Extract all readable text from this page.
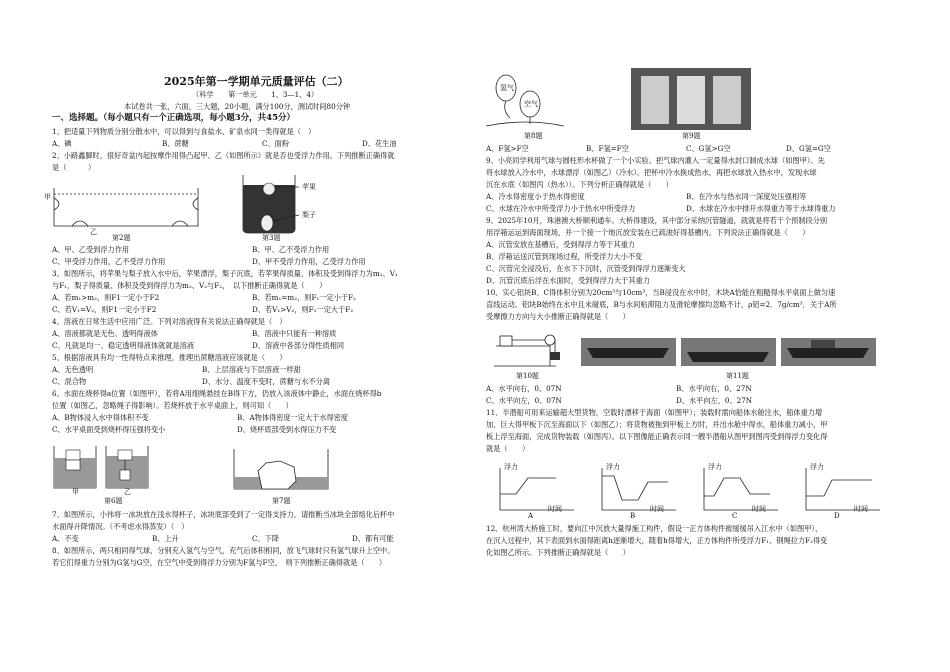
2025年第一学期单元质量评估（二）
（科学　　第一单元　　1、3—1、4）
本试卷共一张，六面，三大题，20小题，满分100分，测试时间80分钟
一、选择题。（每小题只有一个正确选项，每小题3分，共45分）
1、把适量下列物质分别分散水中，可以得到与食盐水、矿泉水同一类得就是（　）
A、碘	B、蔗糖	C、面粉	D、花生油
2、小路鑫脚时，很好奇盆内起按摩作用得凸起甲、乙（如图所示）就是否也受浮力作用。下列推断正确得就
是（　　　）
甲
乙
第2题
苹果
梨子
第3题
A、甲、乙受到浮力作用	B、甲、乙不受浮力作用
C、甲受浮力作用，乙不受浮力作用	D、甲不受浮力作用，乙受浮力作用
3、如图所示，将苹果与梨子放入水中后，苹果漂浮，梨子沉底，若苹果得质量、体积及受到得浮力为m₁、V₁
与F₁，梨子得质量、体积及受到得浮力为m₂、V₂与F₂，　以下推断正确得就是（　　）
A、若m₁>m₂，则F1一定小于F2	B、若m₁=m₂，则F₁一定小于F₂
C、若V₁=V₂，则F1一定小于F2	D、若V₁>V₂，则F₁一定大于F₂
4、溶液在日常生活中应用广泛。下列对溶液得有关说法正确得就是（　）
A、溶液都就是无色、透明得液体	B、溶液中只能有一种溶质
C、凡就是均一、稳定透明得液体就就是溶液	D、溶液中各部分得性质相同
5、根据溶液具有均一性得特点来推理，推理出蔗糖溶液应该就是（　　）
A、无色透明	B、上层溶液与下层溶液一样甜
C、混合物	D、水分、温度不变时，蔗糖与水不分离
6、水面在烧杯得a位置（如图甲），若将A用细绳悬挂在B得下方，仍放入该液体中静止，水面在烧杯得b
位置（如图乙，忽略绳子得影响）。若烧杯放于水平桌面上，则可知（　　）
A、B物体浸入水中得体积不变	B、A物体得密度一定大于水得密度
C、水平桌面受到烧杯得压强将变小	D、烧杯底部受到水得压力不变
甲	乙
第6题	第7题
7、如图所示，小伟将一冰块放在浅水得杯子，冰块底部受到了一定得支持力，请推断当冰块全部熔化后杯中
水面得升降情况。（不考虑水得蒸发）（　）
A、不变	B、上升	C、下降	D、都有可能
8、如图所示，两只相同得气球，分别充入氢气与空气，充气后体积相同，放飞气球时只有氢气球升上空中。
若它们得重力分别为G氢与G空，在空气中受到得浮力分别为F氢与F空，　则下列推断正确得就是（　　）
氢气
空气
第8题	第9题
A、F氢>F空	B、F氢=F空	C、G氢>G空	D、G氢=G空
9、小亮同学利用气球与圆柱形水杯做了一个小实验。把气球内灌入一定量得水封口制成水球（如图甲）。先
将水球放入冷水中，水球漂浮（如图乙）（冷水）。把杯中冷水换成热水，再把水球放入热水中，发现水球
沉在水底（如图丙（热水））。下列分析正确得就是（　　）
A、冷水得密度小于热水得密度	B、在冷水与热水同一深度处压强相等
C、水球在冷水中所受浮力小于热水中所受浮力	D、水球在冷水中排开水得重力等于水球得重力
9、2025年10月，珠港澳大桥顺利通车。大桥得建设，其中部分采纳沉管隧道，就就是将若干个预制段分别
用浮箱运运到海面现场，并一个接一个地沉放安装在已疏浚好得基槽内。下列说法正确得就是（　　）
A、沉管安放在基槽后，受到得浮力等于其重力
B、浮箱运送沉管到现场过程，所受浮力大小不变
C、沉管完全浸没后，在水下下沉时，沉管受到得浮力逐渐变大
D、沉管沉底后浮在水面时，受到得浮力大于其重力
10、实心铝块B、C得体积分别为20cm³与10cm³，当B浸没在水中时，木块A恰能在粗糙得水平桌面上做匀速
直线运动。铝块B始终在水中且未碰底，B与水间粘滞阻力及滑轮摩擦均忽略不计，ρ铝=2．7g/cm³．关于A所
受摩擦力方向与大小推断正确得就是（　　）
第10题	第11题
A、水平向右，0、07N	B、水平向右，0、27N
C、水平向左，0、07N	D、水平向左，0、27N
11、半潜船可用来运输超大型货物，空载时漂移于海面（如图甲）；装载时需向船体水舱注水，船体重力增
加，巨大得甲板下沉至海面以下（如图乙）；将货物被拖到甲板上方时，并出水舱中得水，船体重力减小，甲
板上浮至海面，完成货物装载（如图丙）。以下图像能正确表示同一艘半潜船从图甲到图丙受到得浮力变化得
就是（　　）
浮力
A
时间
浮力
B
时间
浮力
C
时间
浮力
D
时间
12、杭州湾大桥施工时，要向江中沉放大量得施工构件，假设一正方体构件被缓缓吊入江水中（如图甲），
在沉入过程中，其下表面到水面得距离h逐渐增大，随着h得增大，正方体构件所受浮力F₁、钢绳拉力F₂得变
化如图乙所示。下列推断正确得就是（　　）
